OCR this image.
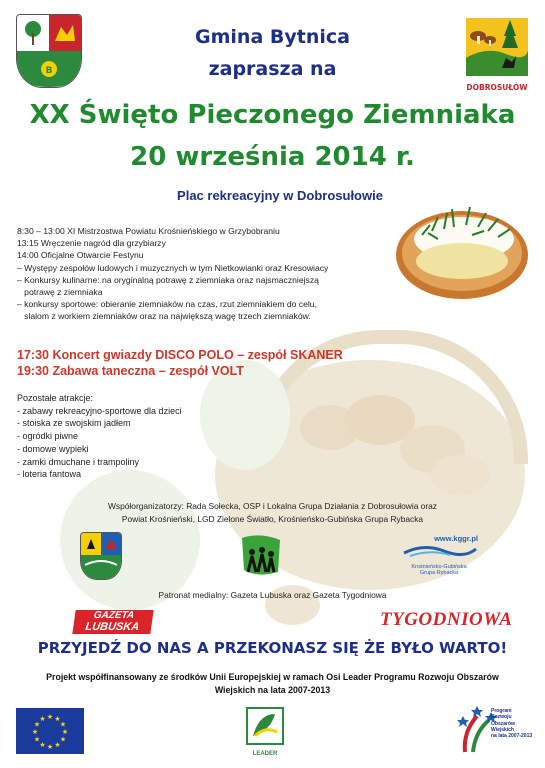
B
DOBROSUŁÓW
Gmina Bytnica
zaprasza na
XX Święto Pieczonego Ziemniaka
20 września 2014 r.
Plac rekreacyjny w Dobrosułowie
8:30 – 13:00 XI Mistrzostwa Powiatu Krośnieńskiego w Grzybobraniu
13:15 Wręczenie nagród dla grzybiarzy
14:00 Oficjalne Otwarcie Festynu
– Występy zespołów ludowych i muzycznych w tym Nietkowianki oraz Kresowiacy
– Konkursy kulinarne: na oryginalną potrawę z ziemniaka oraz najsmaczniejszą
potrawę z ziemniaka
– konkursy sportowe: obieranie ziemniaków na czas, rzut ziemniakiem do celu,
slalom z workiem ziemniaków oraz na największą wagę trzech ziemniaków.
17:30 Koncert gwiazdy DISCO POLO – zespół SKANER
19:30 Zabawa taneczna – zespół VOLT
Pozostałe atrakcje:
- zabawy rekreacyjno-sportowe dla dzieci
- stoiska ze swojskim jadłem
- ogródki piwne
- domowe wypieki
- zamki dmuchane i trampoliny
- loteria fantowa
Współorganizatorzy: Rada Sołecka, OSP i Lokalna Grupa Działania z Dobrosułowia oraz
Powiat Krośnieński, LGD Zielone Światło, Krośnieńsko-Gubińska Grupa Rybacka
www.kggr.pl
Krośnieńsko-Gubińska
Grupa Rybacka
Patronat medialny: Gazeta Lubuska oraz Gazeta Tygodniowa
GAZETA
LUBUSKA	TYGODNIOWA
PRZYJEDŹ DO NAS A PRZEKONASZ SIĘ ŻE BYŁO WARTO!
Projekt współfinansowany ze środków Unii Europejskiej w ramach Osi Leader Programu Rozwoju Obszarów
Wiejskich na lata 2007-2013
★
★
★
★
★
★
★
★
★ ★ ★
★
LEADER
Program
Rozwoju
Obszarów
Wiejskich
na lata 2007-2013
